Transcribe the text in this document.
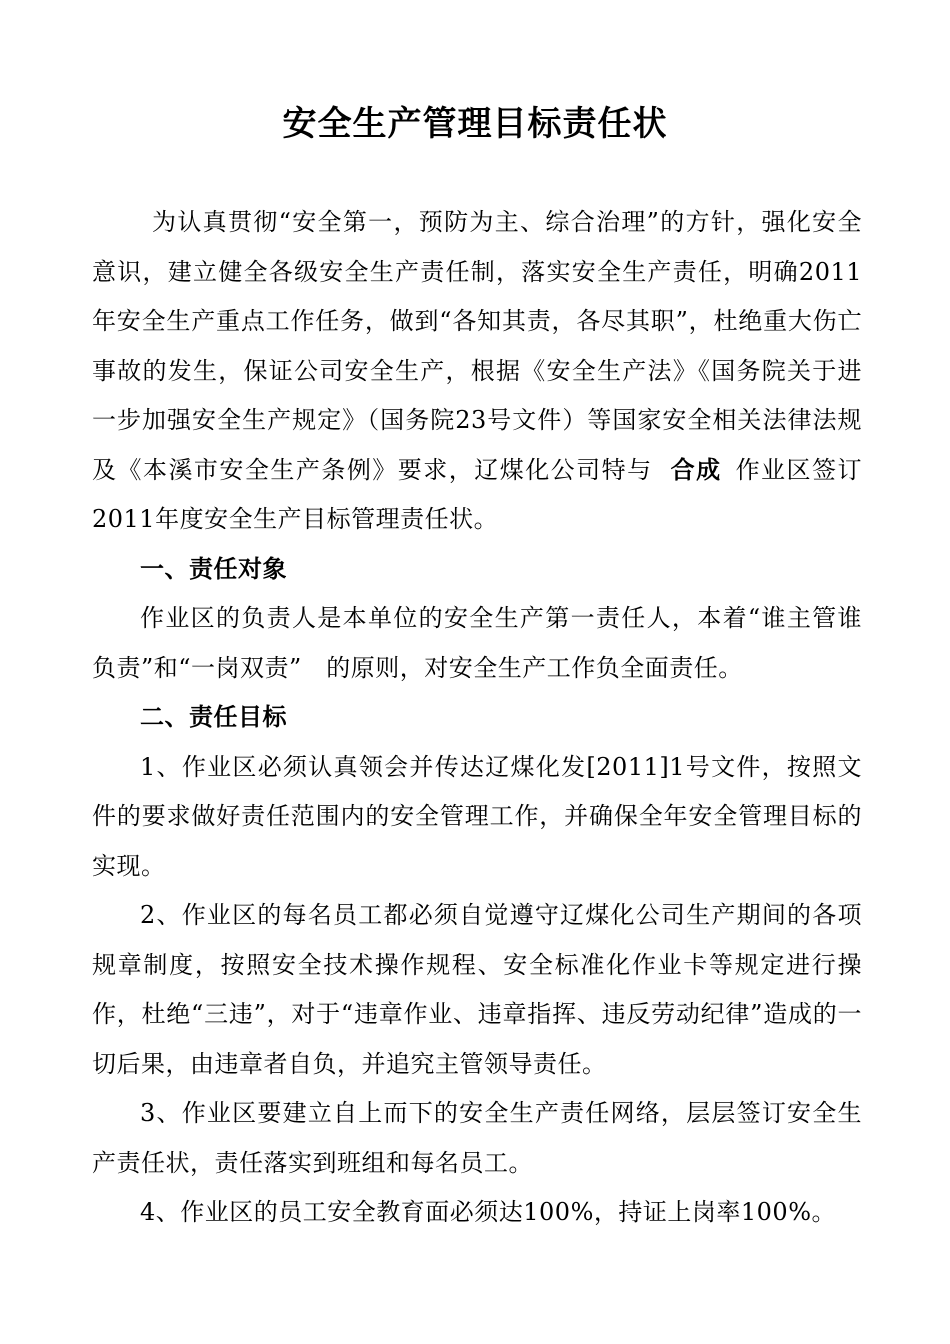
安全生产管理目标责任状

为认真贯彻“安全第一，预防为主、综合治理”的方针，强化安全意识，建立健全各级安全生产责任制，落实安全生产责任，明确2011年安全生产重点工作任务，做到“各知其责，各尽其职”，杜绝重大伤亡事故的发生，保证公司安全生产，根据《安全生产法》《国务院关于进一步加强安全生产规定》（国务院23号文件）等国家安全相关法律法规及《本溪市安全生产条例》要求，辽煤化公司特与 合成 作业区签订2011年度安全生产目标管理责任状。

一、责任对象

作业区的负责人是本单位的安全生产第一责任人，本着“谁主管谁负责”和“一岗双责”　的原则，对安全生产工作负全面责任。

二、责任目标

1、作业区必须认真领会并传达辽煤化发[2011]1号文件，按照文件的要求做好责任范围内的安全管理工作，并确保全年安全管理目标的实现。

2、作业区的每名员工都必须自觉遵守辽煤化公司生产期间的各项规章制度，按照安全技术操作规程、安全标准化作业卡等规定进行操作，杜绝“三违”，对于“违章作业、违章指挥、违反劳动纪律”造成的一切后果，由违章者自负，并追究主管领导责任。

3、作业区要建立自上而下的安全生产责任网络，层层签订安全生产责任状，责任落实到班组和每名员工。

4、作业区的员工安全教育面必须达100%，持证上岗率100%。
